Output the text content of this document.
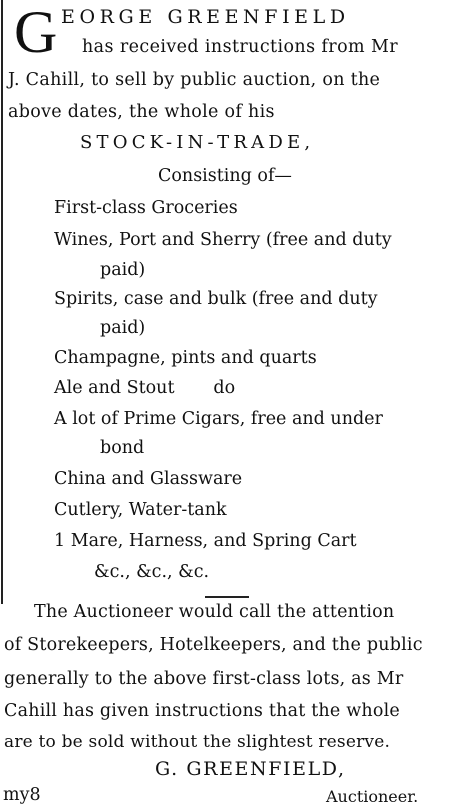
G EORGE GREENFIELD
has received instructions from Mr
J. Cahill, to sell by public auction, on the
above dates, the whole of his
STOCK-IN-TRADE,
Consisting of—
First-class Groceries
Wines, Port and Sherry (free and duty
paid)
Spirits, case and bulk (free and duty
paid)
Champagne, pints and quarts
Ale and Stout       do
A lot of Prime Cigars, free and under
bond
China and Glassware
Cutlery, Water-tank
1 Mare, Harness, and Spring Cart
&c., &c., &c.
The Auctioneer would call the attention
of Storekeepers, Hotelkeepers, and the public
generally to the above first-class lots, as Mr
Cahill has given instructions that the whole
are to be sold without the slightest reserve.
G. GREENFIELD,
my8	Auctioneer.
